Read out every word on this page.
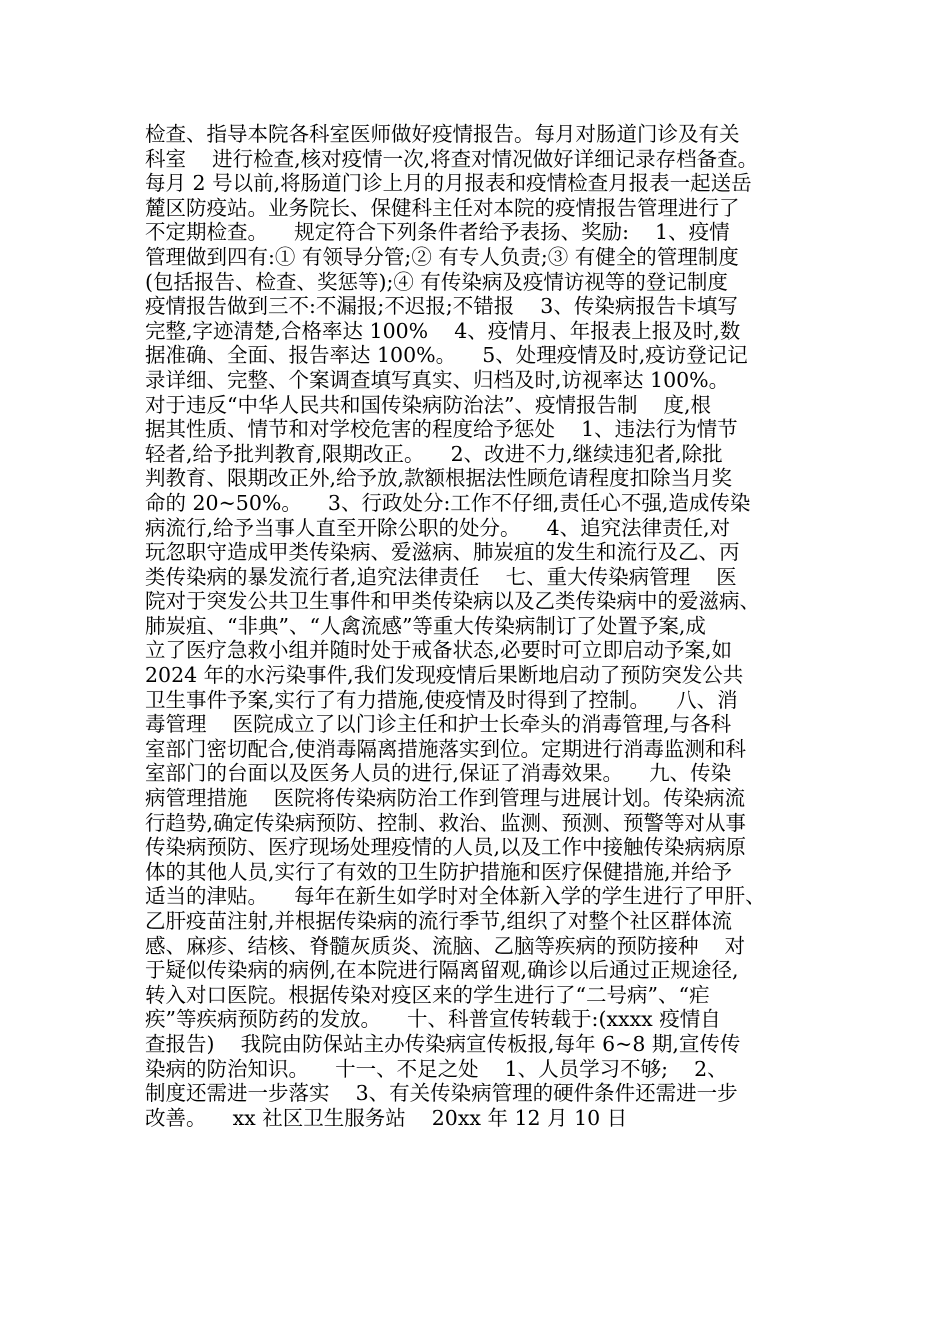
检查、指导本院各科室医师做好疫情报告。每月对肠道门诊及有关
科室    进行检查,核对疫情一次,将查对情况做好详细记录存档备查。
每月 2 号以前,将肠道门诊上月的月报表和疫情检查月报表一起送岳
麓区防疫站。业务院长、保健科主任对本院的疫情报告管理进行了
不定期检查。    规定符合下列条件者给予表扬、奖励:    1、疫情
管理做到四有:① 有领导分管;② 有专人负责;③ 有健全的管理制度
(包括报告、检查、奖惩等);④ 有传染病及疫情访视等的登记制度
疫情报告做到三不:不漏报;不迟报;不错报    3、传染病报告卡填写
完整,字迹清楚,合格率达 100%    4、疫情月、年报表上报及时,数
据准确、全面、报告率达 100%。    5、处理疫情及时,疫访登记记
录详细、完整、个案调查填写真实、归档及时,访视率达 100%。
对于违反“中华人民共和国传染病防治法”、疫情报告制    度,根
据其性质、情节和对学校危害的程度给予惩处    1、违法行为情节
轻者,给予批判教育,限期改正。    2、改进不力,继续违犯者,除批
判教育、限期改正外,给予放,款额根据法性顾危请程度扣除当月奖
命的 20~50%。    3、行政处分:工作不仔细,责任心不强,造成传染
病流行,给予当事人直至开除公职的处分。    4、追究法律责任,对
玩忽职守造成甲类传染病、爱滋病、肺炭疽的发生和流行及乙、丙
类传染病的暴发流行者,追究法律责任    七、重大传染病管理    医
院对于突发公共卫生事件和甲类传染病以及乙类传染病中的爱滋病、
肺炭疽、“非典”、“人禽流感”等重大传染病制订了处置予案,成
立了医疗急救小组并随时处于戒备状态,必要时可立即启动予案,如
2024 年的水污染事件,我们发现疫情后果断地启动了预防突发公共
卫生事件予案,实行了有力措施,使疫情及时得到了控制。    八、消
毒管理    医院成立了以门诊主任和护士长牵头的消毒管理,与各科
室部门密切配合,使消毒隔离措施落实到位。定期进行消毒监测和科
室部门的台面以及医务人员的进行,保证了消毒效果。    九、传染
病管理措施    医院将传染病防治工作到管理与进展计划。传染病流
行趋势,确定传染病预防、控制、救治、监测、预测、预警等对从事
传染病预防、医疗现场处理疫情的人员,以及工作中接触传染病病原
体的其他人员,实行了有效的卫生防护措施和医疗保健措施,并给予
适当的津贴。    每年在新生如学时对全体新入学的学生进行了甲肝、
乙肝疫苗注射,并根据传染病的流行季节,组织了对整个社区群体流
感、麻疹、结核、脊髓灰质炎、流脑、乙脑等疾病的预防接种    对
于疑似传染病的病例,在本院进行隔离留观,确诊以后通过正规途径,
转入对口医院。根据传染对疫区来的学生进行了“二号病”、“疟
疾”等疾病预防药的发放。    十、科普宣传转载于:(xxxx 疫情自
查报告)    我院由防保站主办传染病宣传板报,每年 6~8 期,宣传传
染病的防治知识。    十一、不足之处    1、人员学习不够;    2、
制度还需进一步落实    3、有关传染病管理的硬件条件还需进一步
改善。    xx 社区卫生服务站    20xx 年 12 月 10 日
